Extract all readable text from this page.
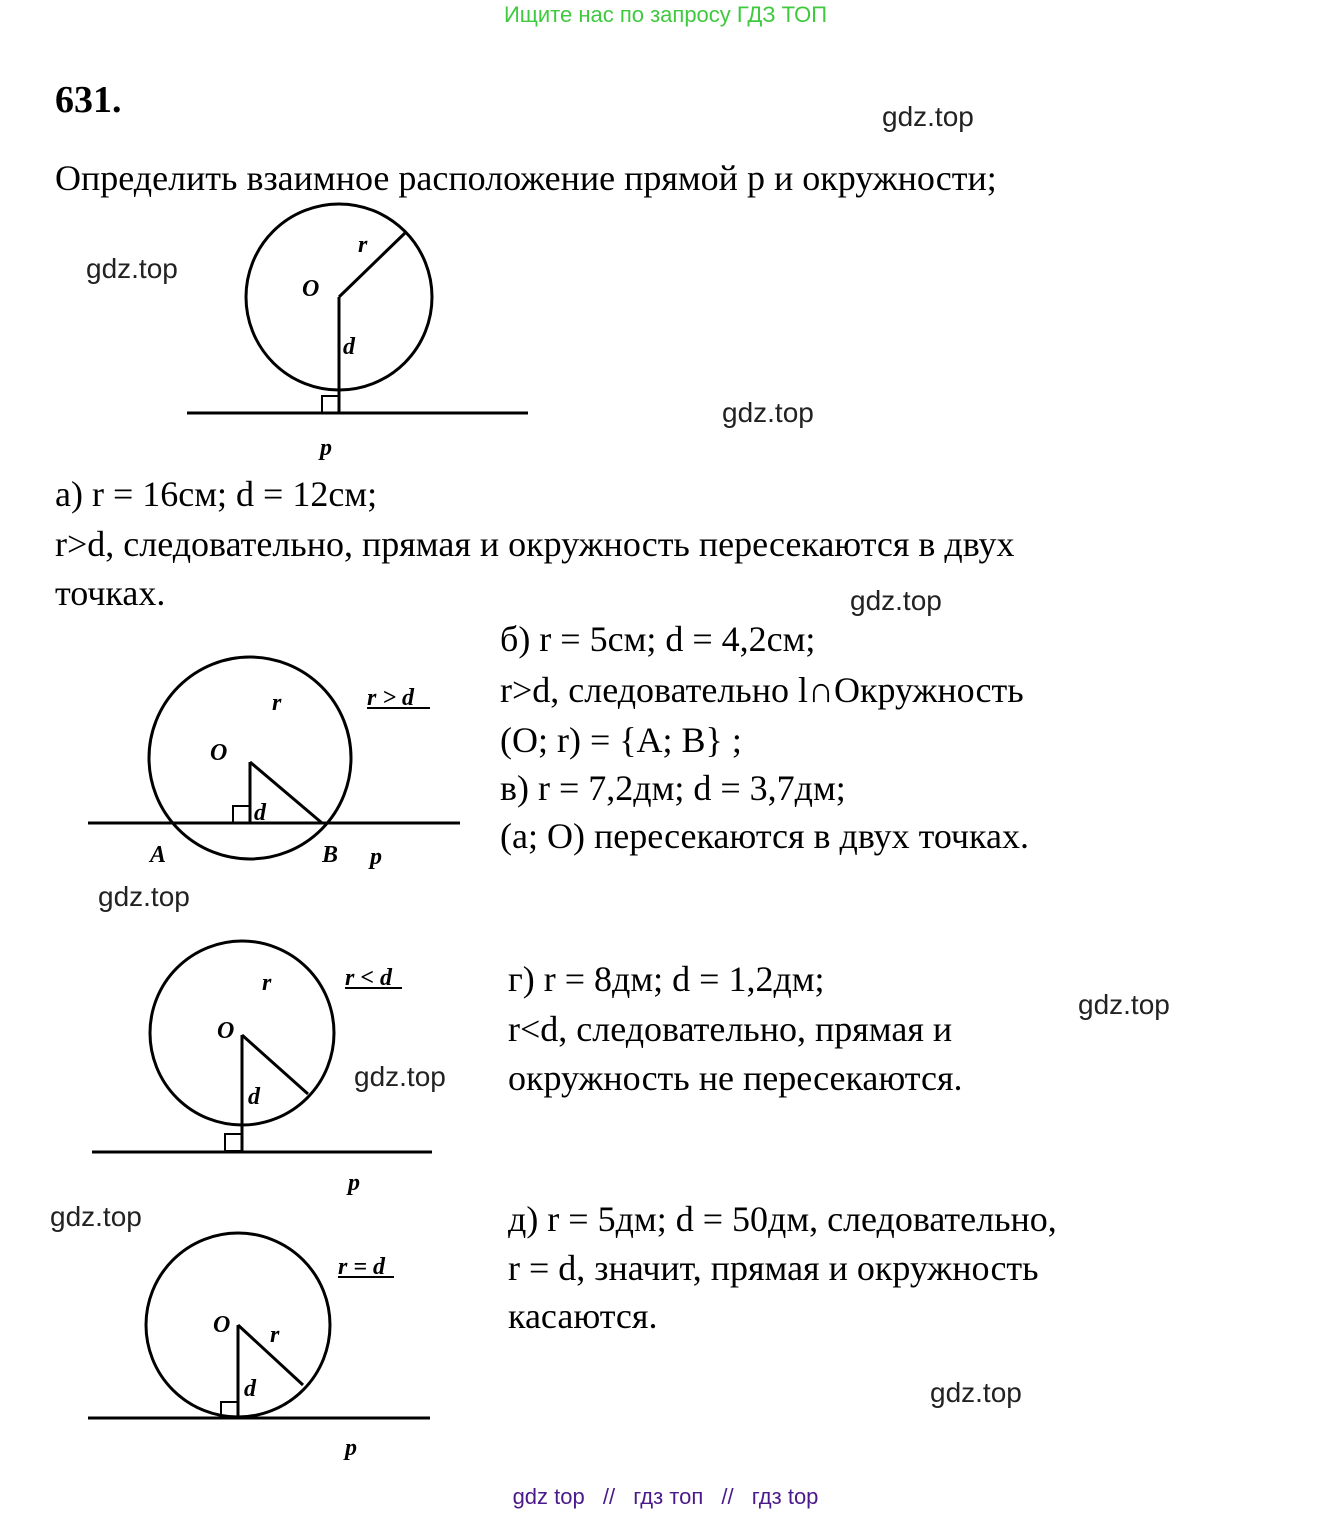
Ищите нас по запросу ГДЗ ТОП
631.
Определить взаимное расположение прямой p и окружности;
gdz.top
gdz.top
gdz.top
gdz.top
gdz.top
gdz.top
gdz.top
gdz.top
gdz.top
а) r = 16см; d = 12см;
r>d, следовательно, прямая и окружность пересекаются в двух
точках.
б) r = 5см; d = 4,2см;
r>d, следовательно l∩Окружность
(O; r) = {A; B} ;
в) r = 7,2дм; d = 3,7дм;
(a; O) пересекаются в двух точках.
г) r = 8дм; d = 1,2дм;
r<d, следовательно, прямая и
окружность не пересекаются.
д) r = 5дм; d = 50дм, следовательно,
r = d, значит, прямая и окружность
касаются.
O
r
d
p
O
r
d
A	B p
r > d
O
r
d
p
r < d
O r
d
p
r = d
gdz top // гдз топ // гдз top
